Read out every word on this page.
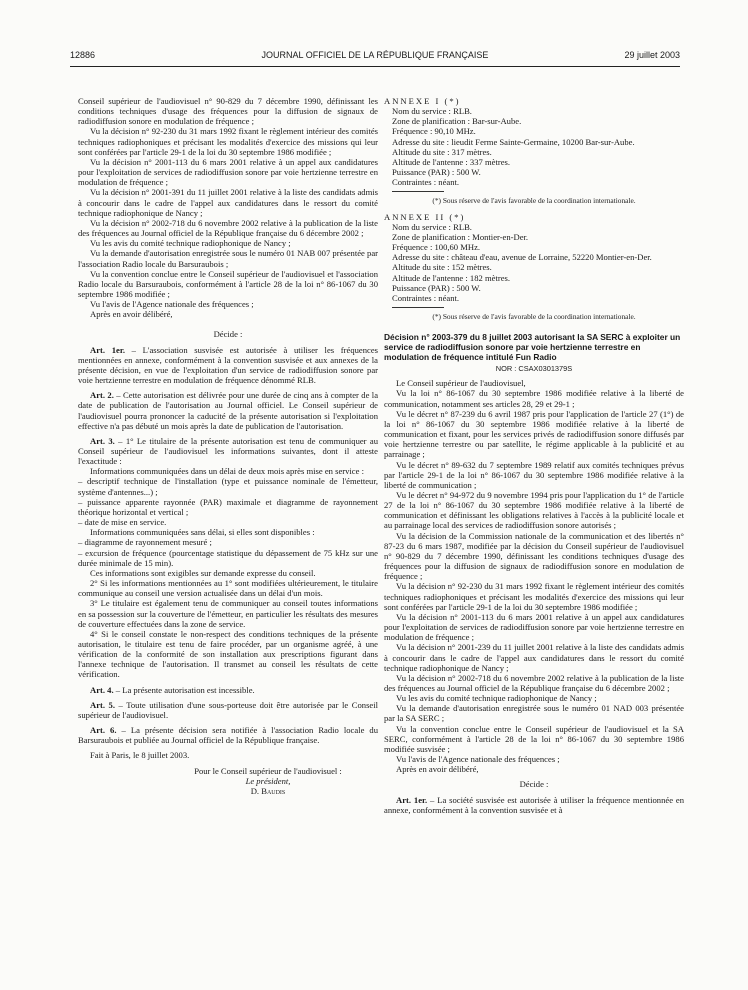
12886	JOURNAL OFFICIEL DE LA RÉPUBLIQUE FRANÇAISE	29 juillet 2003

Conseil supérieur de l'audiovisuel n° 90-829 du 7 décembre 1990, définissant les conditions techniques d'usage des fréquences pour la diffusion de signaux de radiodiffusion sonore en modulation de fréquence ;

Vu la décision n° 92-230 du 31 mars 1992 fixant le règlement intérieur des comités techniques radiophoniques et précisant les modalités d'exercice des missions qui leur sont conférées par l'article 29-1 de la loi du 30 septembre 1986 modifiée ;

Vu la décision n° 2001-113 du 6 mars 2001 relative à un appel aux candidatures pour l'exploitation de services de radiodiffusion sonore par voie hertzienne terrestre en modulation de fréquence ;

Vu la décision n° 2001-391 du 11 juillet 2001 relative à la liste des candidats admis à concourir dans le cadre de l'appel aux candidatures dans le ressort du comité technique radiophonique de Nancy ;

Vu la décision n° 2002-718 du 6 novembre 2002 relative à la publication de la liste des fréquences au Journal officiel de la République française du 6 décembre 2002 ;

Vu les avis du comité technique radiophonique de Nancy ;

Vu la demande d'autorisation enregistrée sous le numéro 01 NAB 007 présentée par l'association Radio locale du Barsuraubois ;

Vu la convention conclue entre le Conseil supérieur de l'audiovisuel et l'association Radio locale du Barsuraubois, conformément à l'article 28 de la loi n° 86-1067 du 30 septembre 1986 modifiée ;

Vu l'avis de l'Agence nationale des fréquences ;

Après en avoir délibéré,

Décide :

Art. 1er. – L'association susvisée est autorisée à utiliser les fréquences mentionnées en annexe, conformément à la convention susvisée et aux annexes de la présente décision, en vue de l'exploitation d'un service de radiodiffusion sonore par voie hertzienne terrestre en modulation de fréquence dénommé RLB.

Art. 2. – Cette autorisation est délivrée pour une durée de cinq ans à compter de la date de publication de l'autorisation au Journal officiel. Le Conseil supérieur de l'audiovisuel pourra prononcer la caducité de la présente autorisation si l'exploitation effective n'a pas débuté un mois après la date de publication de l'autorisation.

Art. 3. – 1° Le titulaire de la présente autorisation est tenu de communiquer au Conseil supérieur de l'audiovisuel les informations suivantes, dont il atteste l'exactitude :

Informations communiquées dans un délai de deux mois après mise en service :

– descriptif technique de l'installation (type et puissance nominale de l'émetteur, système d'antennes...) ;

– puissance apparente rayonnée (PAR) maximale et diagramme de rayonnement théorique horizontal et vertical ;

– date de mise en service.

Informations communiquées sans délai, si elles sont disponibles :

– diagramme de rayonnement mesuré ;

– excursion de fréquence (pourcentage statistique du dépassement de 75 kHz sur une durée minimale de 15 min).

Ces informations sont exigibles sur demande expresse du conseil.

2° Si les informations mentionnées au 1° sont modifiées ultérieurement, le titulaire communique au conseil une version actualisée dans un délai d'un mois.

3° Le titulaire est également tenu de communiquer au conseil toutes informations en sa possession sur la couverture de l'émetteur, en particulier les résultats des mesures de couverture effectuées dans la zone de service.

4° Si le conseil constate le non-respect des conditions techniques de la présente autorisation, le titulaire est tenu de faire procéder, par un organisme agréé, à une vérification de la conformité de son installation aux prescriptions figurant dans l'annexe technique de l'autorisation. Il transmet au conseil les résultats de cette vérification.

Art. 4. – La présente autorisation est incessible.

Art. 5. – Toute utilisation d'une sous-porteuse doit être autorisée par le Conseil supérieur de l'audiovisuel.

Art. 6. – La présente décision sera notifiée à l'association Radio locale du Barsuraubois et publiée au Journal officiel de la République française.

Fait à Paris, le 8 juillet 2003.

Pour le Conseil supérieur de l'audiovisuel :

Le président,

D. Baudis

ANNEXE I (*)

Nom du service : RLB.

Zone de planification : Bar-sur-Aube.

Fréquence : 90,10 MHz.

Adresse du site : lieudit Ferme Sainte-Germaine, 10200 Bar-sur-Aube.

Altitude du site : 317 mètres.

Altitude de l'antenne : 337 mètres.

Puissance (PAR) : 500 W.

Contraintes : néant.

(*) Sous réserve de l'avis favorable de la coordination internationale.

ANNEXE II (*)

Nom du service : RLB.

Zone de planification : Montier-en-Der.

Fréquence : 100,60 MHz.

Adresse du site : château d'eau, avenue de Lorraine, 52220 Montier-en-Der.

Altitude du site : 152 mètres.

Altitude de l'antenne : 182 mètres.

Puissance (PAR) : 500 W.

Contraintes : néant.

(*) Sous réserve de l'avis favorable de la coordination internationale.

Décision n° 2003-379 du 8 juillet 2003 autorisant la SA SERC à exploiter un service de radiodiffusion sonore par voie hertzienne terrestre en modulation de fréquence intitulé Fun Radio

NOR : CSAX0301379S

Le Conseil supérieur de l'audiovisuel,

Vu la loi n° 86-1067 du 30 septembre 1986 modifiée relative à la liberté de communication, notamment ses articles 28, 29 et 29-1 ;

Vu le décret n° 87-239 du 6 avril 1987 pris pour l'application de l'article 27 (1°) de la loi n° 86-1067 du 30 septembre 1986 modifiée relative à la liberté de communication et fixant, pour les services privés de radiodiffusion sonore diffusés par voie hertzienne terrestre ou par satellite, le régime applicable à la publicité et au parrainage ;

Vu le décret n° 89-632 du 7 septembre 1989 relatif aux comités techniques prévus par l'article 29-1 de la loi n° 86-1067 du 30 septembre 1986 modifiée relative à la liberté de communication ;

Vu le décret n° 94-972 du 9 novembre 1994 pris pour l'application du 1° de l'article 27 de la loi n° 86-1067 du 30 septembre 1986 modifiée relative à la liberté de communication et définissant les obligations relatives à l'accès à la publicité locale et au parrainage local des services de radiodiffusion sonore autorisés ;

Vu la décision de la Commission nationale de la communication et des libertés n° 87-23 du 6 mars 1987, modifiée par la décision du Conseil supérieur de l'audiovisuel n° 90-829 du 7 décembre 1990, définissant les conditions techniques d'usage des fréquences pour la diffusion de signaux de radiodiffusion sonore en modulation de fréquence ;

Vu la décision n° 92-230 du 31 mars 1992 fixant le règlement intérieur des comités techniques radiophoniques et précisant les modalités d'exercice des missions qui leur sont conférées par l'article 29-1 de la loi du 30 septembre 1986 modifiée ;

Vu la décision n° 2001-113 du 6 mars 2001 relative à un appel aux candidatures pour l'exploitation de services de radiodiffusion sonore par voie hertzienne terrestre en modulation de fréquence ;

Vu la décision n° 2001-239 du 11 juillet 2001 relative à la liste des candidats admis à concourir dans le cadre de l'appel aux candidatures dans le ressort du comité technique radiophonique de Nancy ;

Vu la décision n° 2002-718 du 6 novembre 2002 relative à la publication de la liste des fréquences au Journal officiel de la République française du 6 décembre 2002 ;

Vu les avis du comité technique radiophonique de Nancy ;

Vu la demande d'autorisation enregistrée sous le numéro 01 NAD 003 présentée par la SA SERC ;

Vu la convention conclue entre le Conseil supérieur de l'audiovisuel et la SA SERC, conformément à l'article 28 de la loi n° 86-1067 du 30 septembre 1986 modifiée susvisée ;

Vu l'avis de l'Agence nationale des fréquences ;

Après en avoir délibéré,

Décide :

Art. 1er. – La société susvisée est autorisée à utiliser la fréquence mentionnée en annexe, conformément à la convention susvisée et à
